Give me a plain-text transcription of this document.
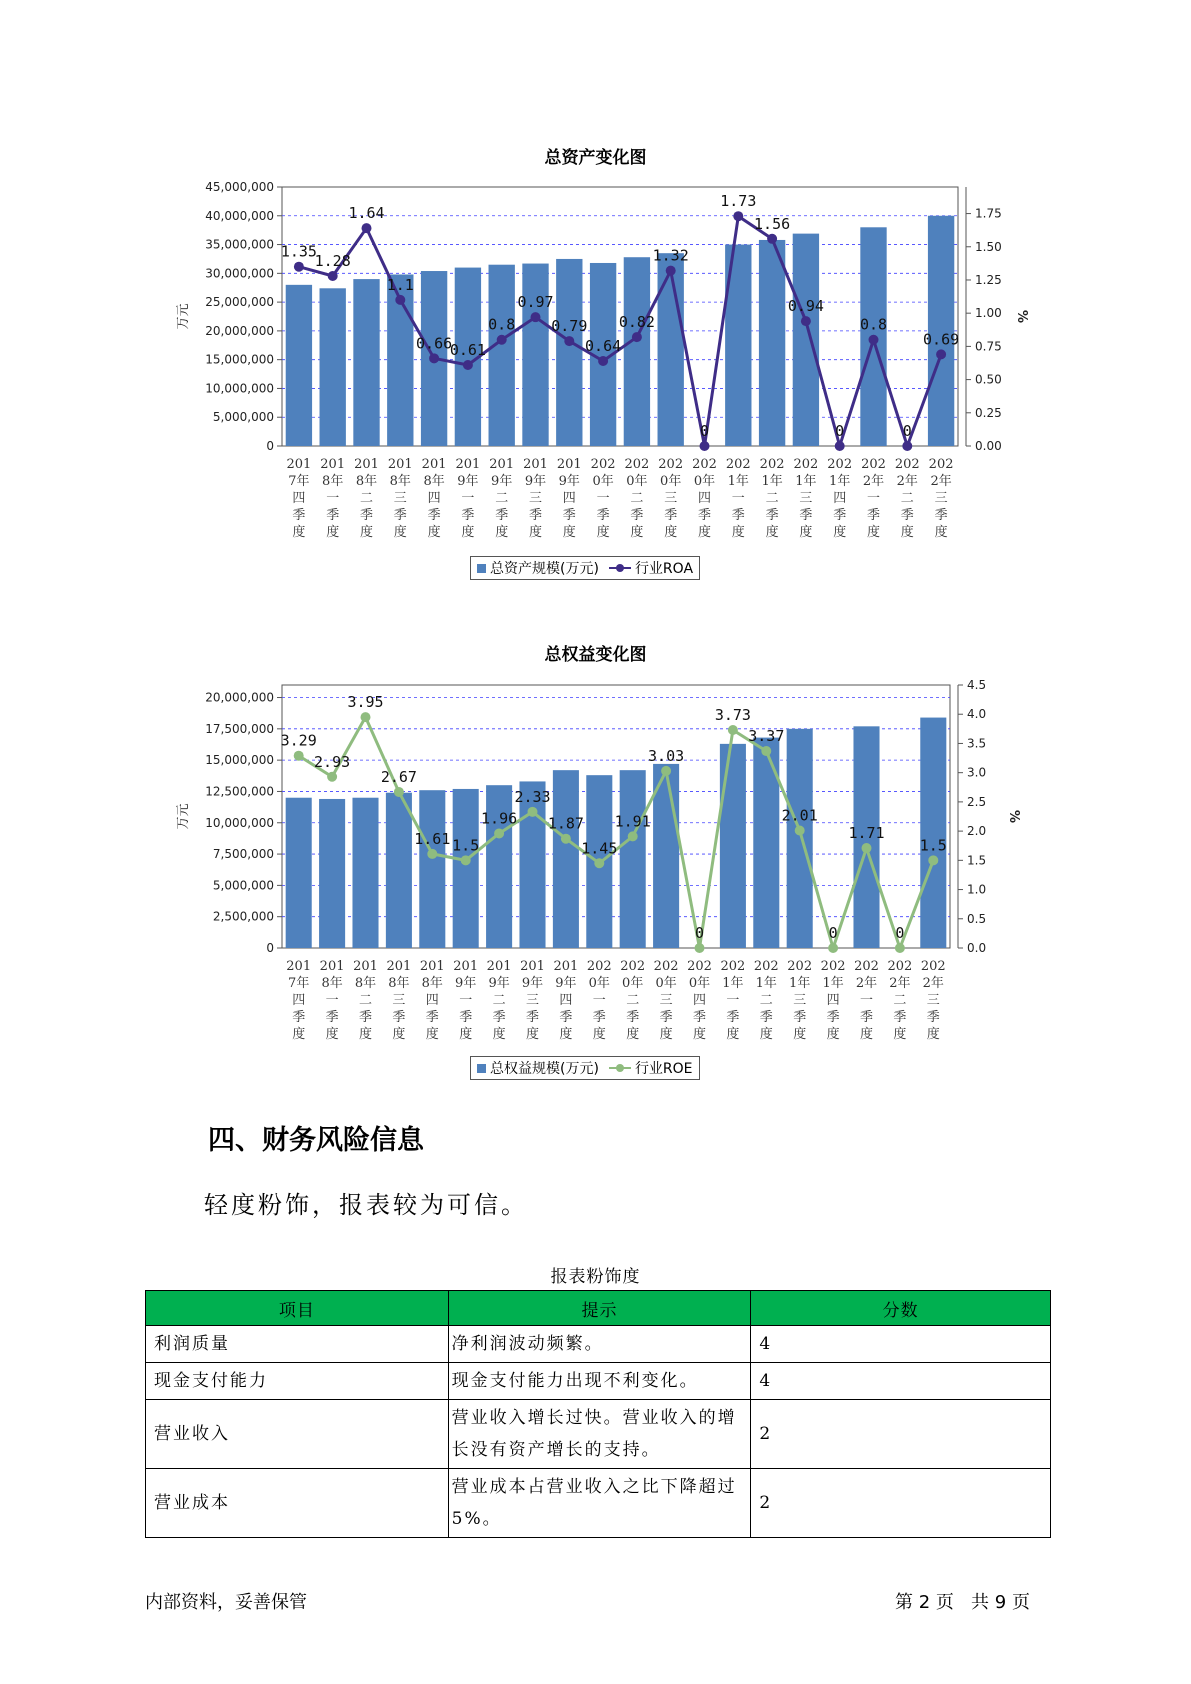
总资产变化图
0
5,000,000
10,000,000
15,000,000
20,000,000
25,000,000
30,000,000
35,000,000
40,000,000
45,000,000
0.00
0.25
0.50
0.75
1.00
1.25
1.50
1.75
万元	%
201 7年四季度
201 8年一季度
201 8年二季度
201 8年三季度
201 8年四季度
201 9年一季度
201 9年二季度
201 9年三季度
201 9年四季度
202 0年一季度
202 0年二季度
202 0年三季度
202 0年四季度
202 1年一季度
202 1年二季度
202 1年三季度
202 1年四季度
202 2年一季度
202 2年二季度
202 2年三季度
1.35
1.28
1.64
1.1
0.66
0.61
0.8
0.97
0.79
0.64
0.82
1.32
0
1.73
1.56
0.94
0
0.8
0
0.69
总资产规模(万元)	行业ROA
总权益变化图
0
2,500,000
5,000,000
7,500,000
10,000,000
12,500,000
15,000,000
17,500,000
20,000,000
0.0
0.5
1.0
1.5
2.0
2.5
3.0
3.5
4.0
4.5
万元	%
201 7年四季度
201 8年一季度
201 8年二季度
201 8年三季度
201 8年四季度
201 9年一季度
201 9年二季度
201 9年三季度
201 9年四季度
202 0年一季度
202 0年二季度
202 0年三季度
202 0年四季度
202 1年一季度
202 1年二季度
202 1年三季度
202 1年四季度
202 2年一季度
202 2年二季度
202 2年三季度
3.29
2.93
3.95
2.67
1.61 1.5
1.96
2.33
1.87
1.45
1.91
3.03
0
3.73
3.37
2.01
0
1.71
0
1.5
总权益规模(万元)	行业ROE
四、财务风险信息
轻度粉饰，报表较为可信。
报表粉饰度
项目	提示	分数
利润质量	净利润波动频繁。	4
现金支付能力	现金支付能力出现不利变化。	4
营业收入	营业收入增长过快。营业收入的增长没有资产增长的支持。	2
营业成本	营业成本占营业收入之比下降超过5%。	2
内部资料，妥善保管	第 2 页   共 9 页
